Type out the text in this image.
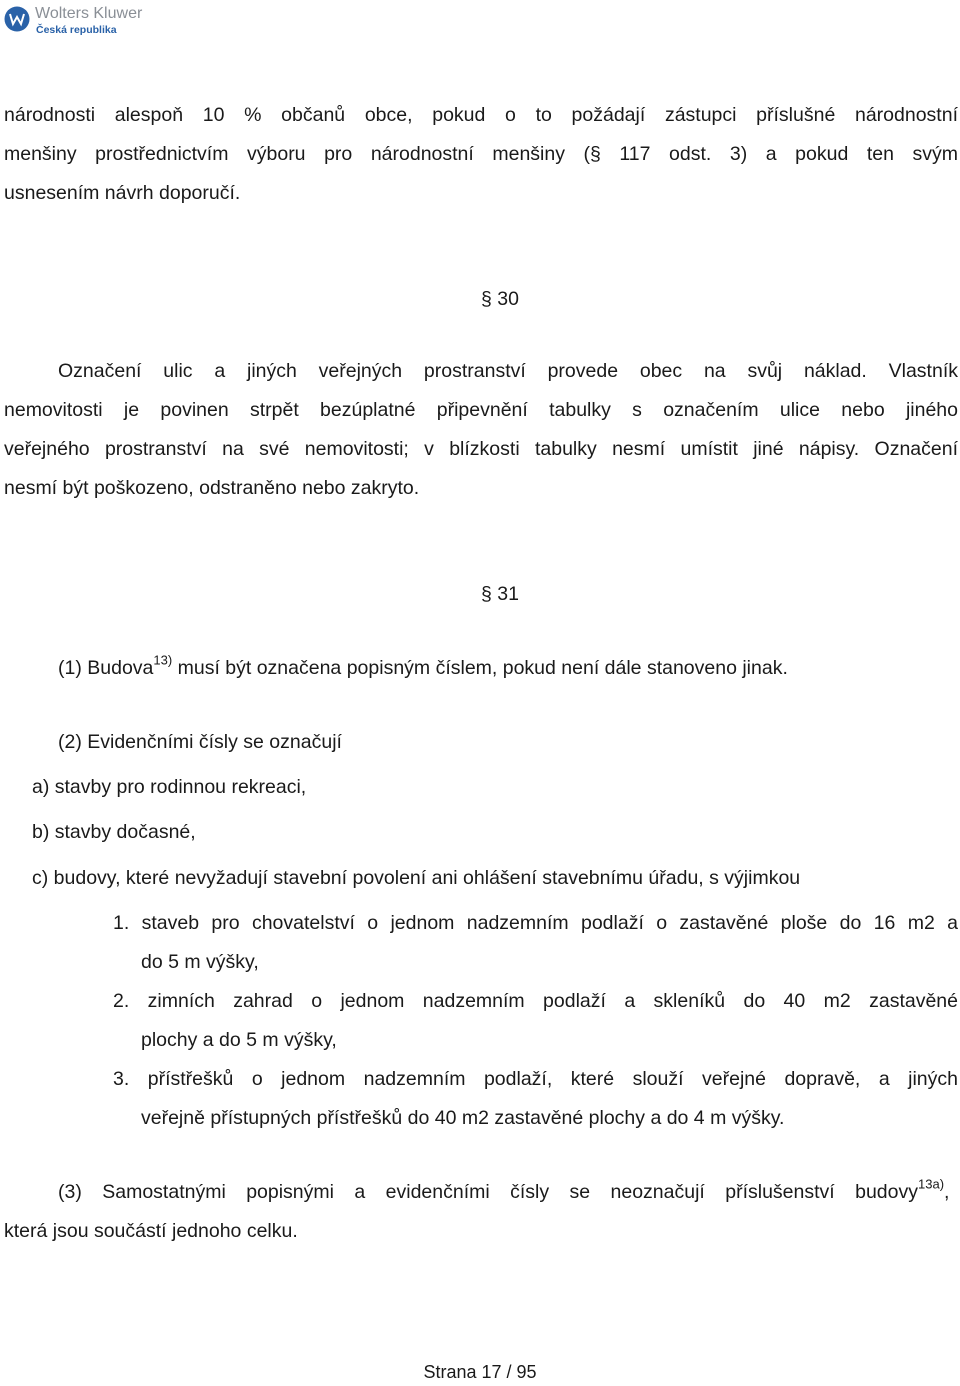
Wolters Kluwer
Česká republika

národnosti alespoň 10 % občanů obce, pokud o to požádají zástupci příslušné národnostní

menšiny prostřednictvím výboru pro národnostní menšiny (§ 117 odst. 3) a pokud ten svým

usnesením návrh doporučí.

§ 30

Označení ulic a jiných veřejných prostranství provede obec na svůj náklad. Vlastník

nemovitosti je povinen strpět bezúplatné připevnění tabulky s označením ulice nebo jiného

veřejného prostranství na své nemovitosti; v blízkosti tabulky nesmí umístit jiné nápisy. Označení

nesmí být poškozeno, odstraněno nebo zakryto.

§ 31

(1) Budova$^{13)}$ musí být označena popisným číslem, pokud není dále stanoveno jinak.

(2) Evidenčními čísly se označují

a) stavby pro rodinnou rekreaci,

b) stavby dočasné,

c) budovy, které nevyžadují stavební povolení ani ohlášení stavebnímu úřadu, s výjimkou

1. staveb pro chovatelství o jednom nadzemním podlaží o zastavěné ploše do 16 m2 a

do 5 m výšky,

2. zimních zahrad o jednom nadzemním podlaží a skleníků do 40 m2 zastavěné

plochy a do 5 m výšky,

3. přístřešků o jednom nadzemním podlaží, které slouží veřejné dopravě, a jiných

veřejně přístupných přístřešků do 40 m2 zastavěné plochy a do 4 m výšky.

(3) Samostatnými popisnými a evidenčními čísly se neoznačují příslušenství budovy$^{13a)}$,

která jsou součástí jednoho celku.

Strana 17 / 95
